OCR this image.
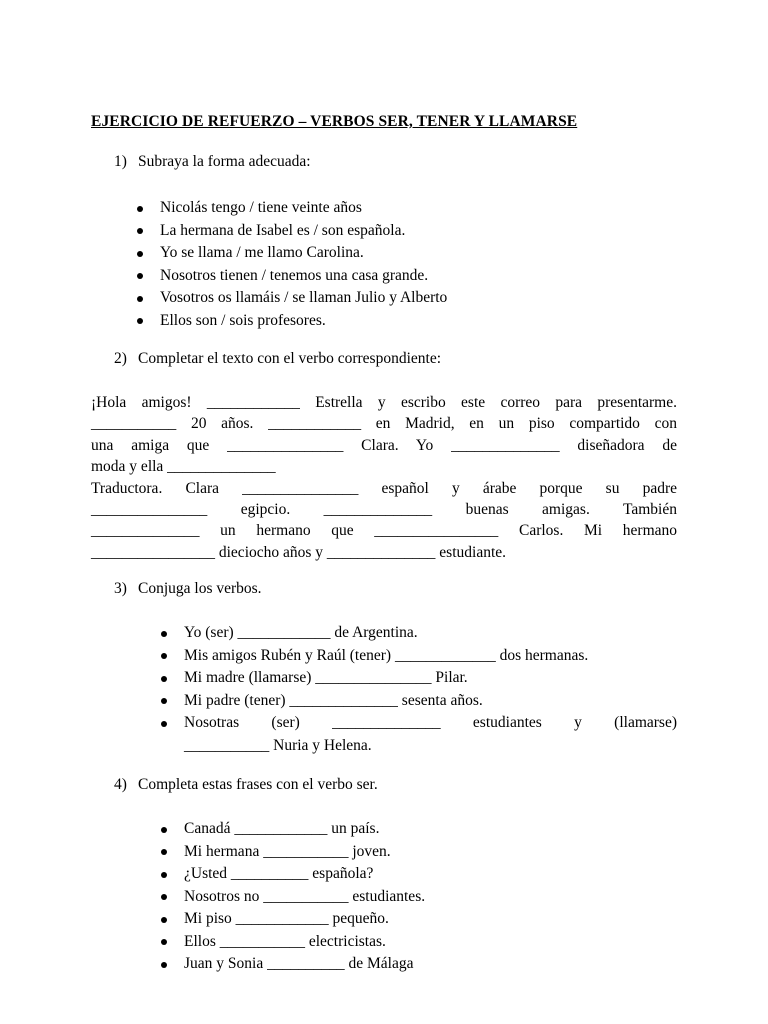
EJERCICIO DE REFUERZO – VERBOS SER, TENER Y LLAMARSE
1) Subraya la forma adecuada:
Nicolás tengo / tiene veinte años
La hermana de Isabel es / son española.
Yo se llama / me llamo Carolina.
Nosotros tienen / tenemos una casa grande.
Vosotros os llamáis / se llaman Julio y Alberto
Ellos son / sois profesores.
2) Completar el texto con el verbo correspondiente:
¡Hola amigos! ____________ Estrella y escribo este correo para presentarme.
___________ 20 años. ____________ en Madrid, en un piso compartido con
una amiga que _______________ Clara. Yo ______________ diseñadora de
moda y ella ______________
Traductora. Clara _______________ español y árabe porque su padre
_______________ egipcio. ______________ buenas amigas. También
______________ un hermano que ________________ Carlos. Mi hermano
________________ dieciocho años y ______________ estudiante.
3) Conjuga los verbos.
Yo (ser) ____________ de Argentina.
Mis amigos Rubén y Raúl (tener) _____________ dos hermanas.
Mi madre (llamarse) _______________ Pilar.
Mi padre (tener) ______________ sesenta años.
Nosotras (ser) ______________ estudiantes y (llamarse)
___________ Nuria y Helena.
4) Completa estas frases con el verbo ser.
Canadá ____________ un país.
Mi hermana ___________ joven.
¿Usted __________ española?
Nosotros no ___________ estudiantes.
Mi piso ____________ pequeño.
Ellos ___________ electricistas.
Juan y Sonia __________ de Málaga
